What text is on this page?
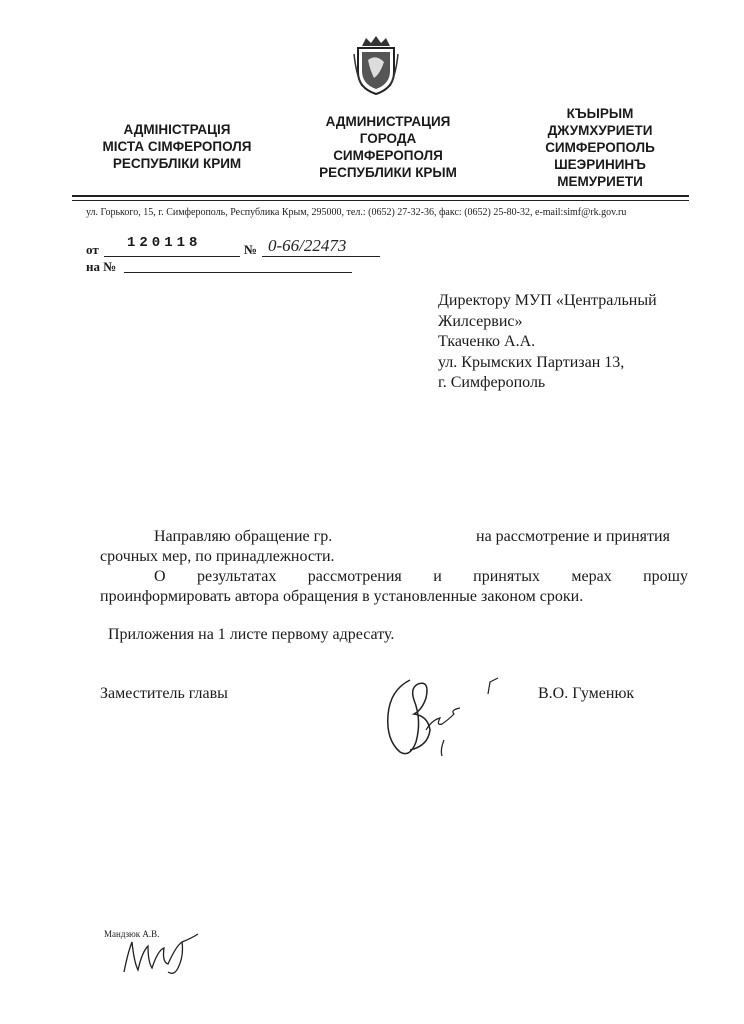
АДМІНІСТРАЦІЯ
МІСТА СІМФЕРОПОЛЯ
РЕСПУБЛІКИ КРИМ
АДМИНИСТРАЦИЯ
ГОРОДА
СИМФЕРОПОЛЯ
РЕСПУБЛИКИ КРЫМ
КЪЫРЫМ
ДЖУМХУРИЕТИ
СИМФЕРОПОЛЬ
ШЕЭРИНИНЪ
МЕМУРИЕТИ
ул. Горького, 15, г. Симферополь, Республика Крым, 295000, тел.: (0652) 27-32-36, факс: (0652) 25-80-32, e-mail:simf@rk.gov.ru
от 120118	№ 0-66/22473
на №
Директору МУП «Центральный
Жилсервис»
Ткаченко А.А.
ул. Крымских Партизан 13,
г. Симферополь
Направляю обращение гр.	на рассмотрение и принятия
срочных мер, по принадлежности.
О результатах рассмотрения и принятых мерах прошу
проинформировать автора обращения в установленные законом сроки.
Приложения на 1 листе первому адресату.
Заместитель главы	В.О. Гуменюк
Мандзюк А.В.
